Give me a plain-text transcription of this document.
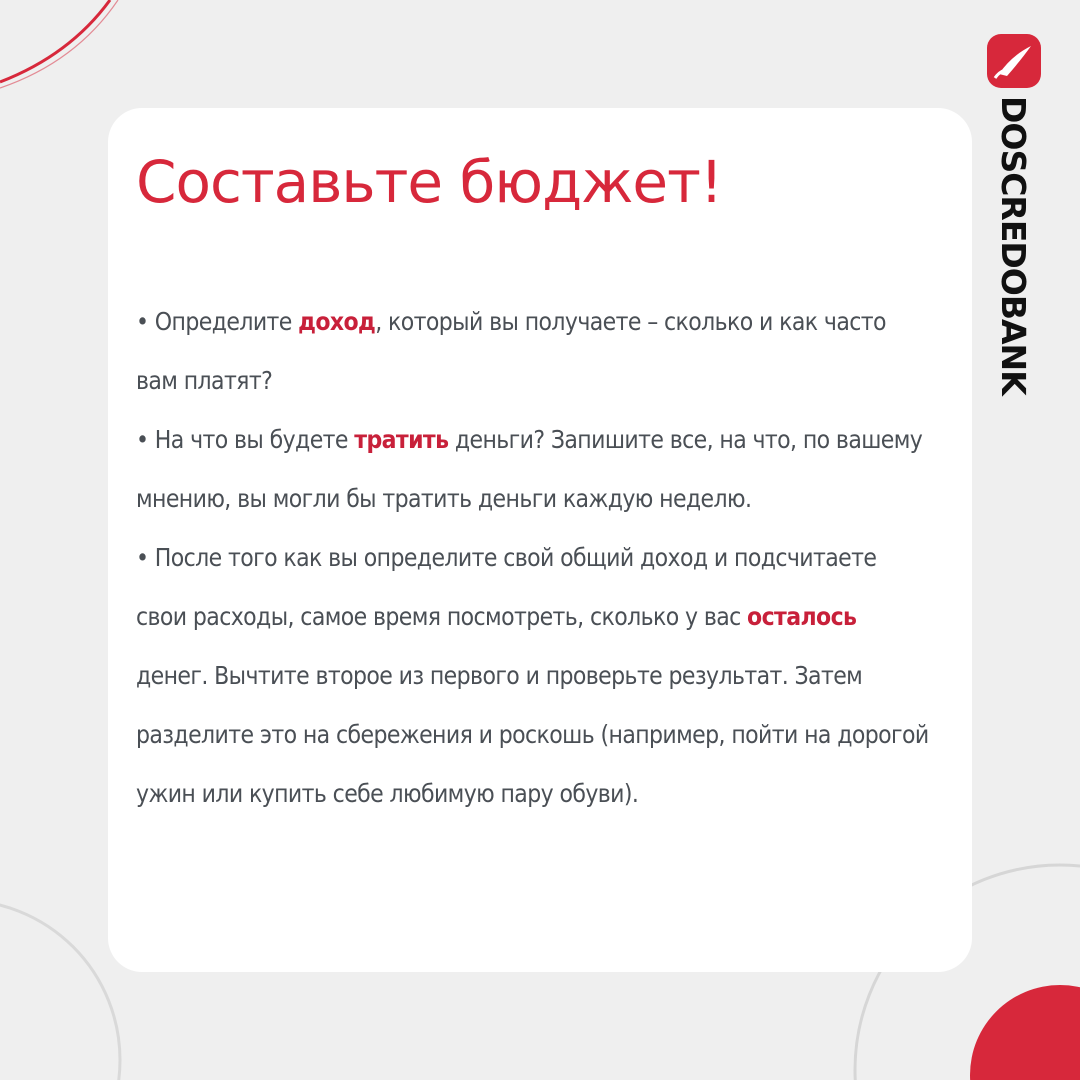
Составьте бюджет!

• Определите доход, который вы получаете – сколько и как часто вам платят?

• На что вы будете тратить деньги? Запишите все, на что, по вашему мнению, вы могли бы тратить деньги каждую неделю.

• После того как вы определите свой общий доход и подсчитаете свои расходы, самое время посмотреть, сколько у вас осталось денег. Вычтите второе из первого и проверьте результат. Затем разделите это на сбережения и роскошь (например, пойти на дорогой ужин или купить себе любимую пару обуви).

DOSCREDOBANK
